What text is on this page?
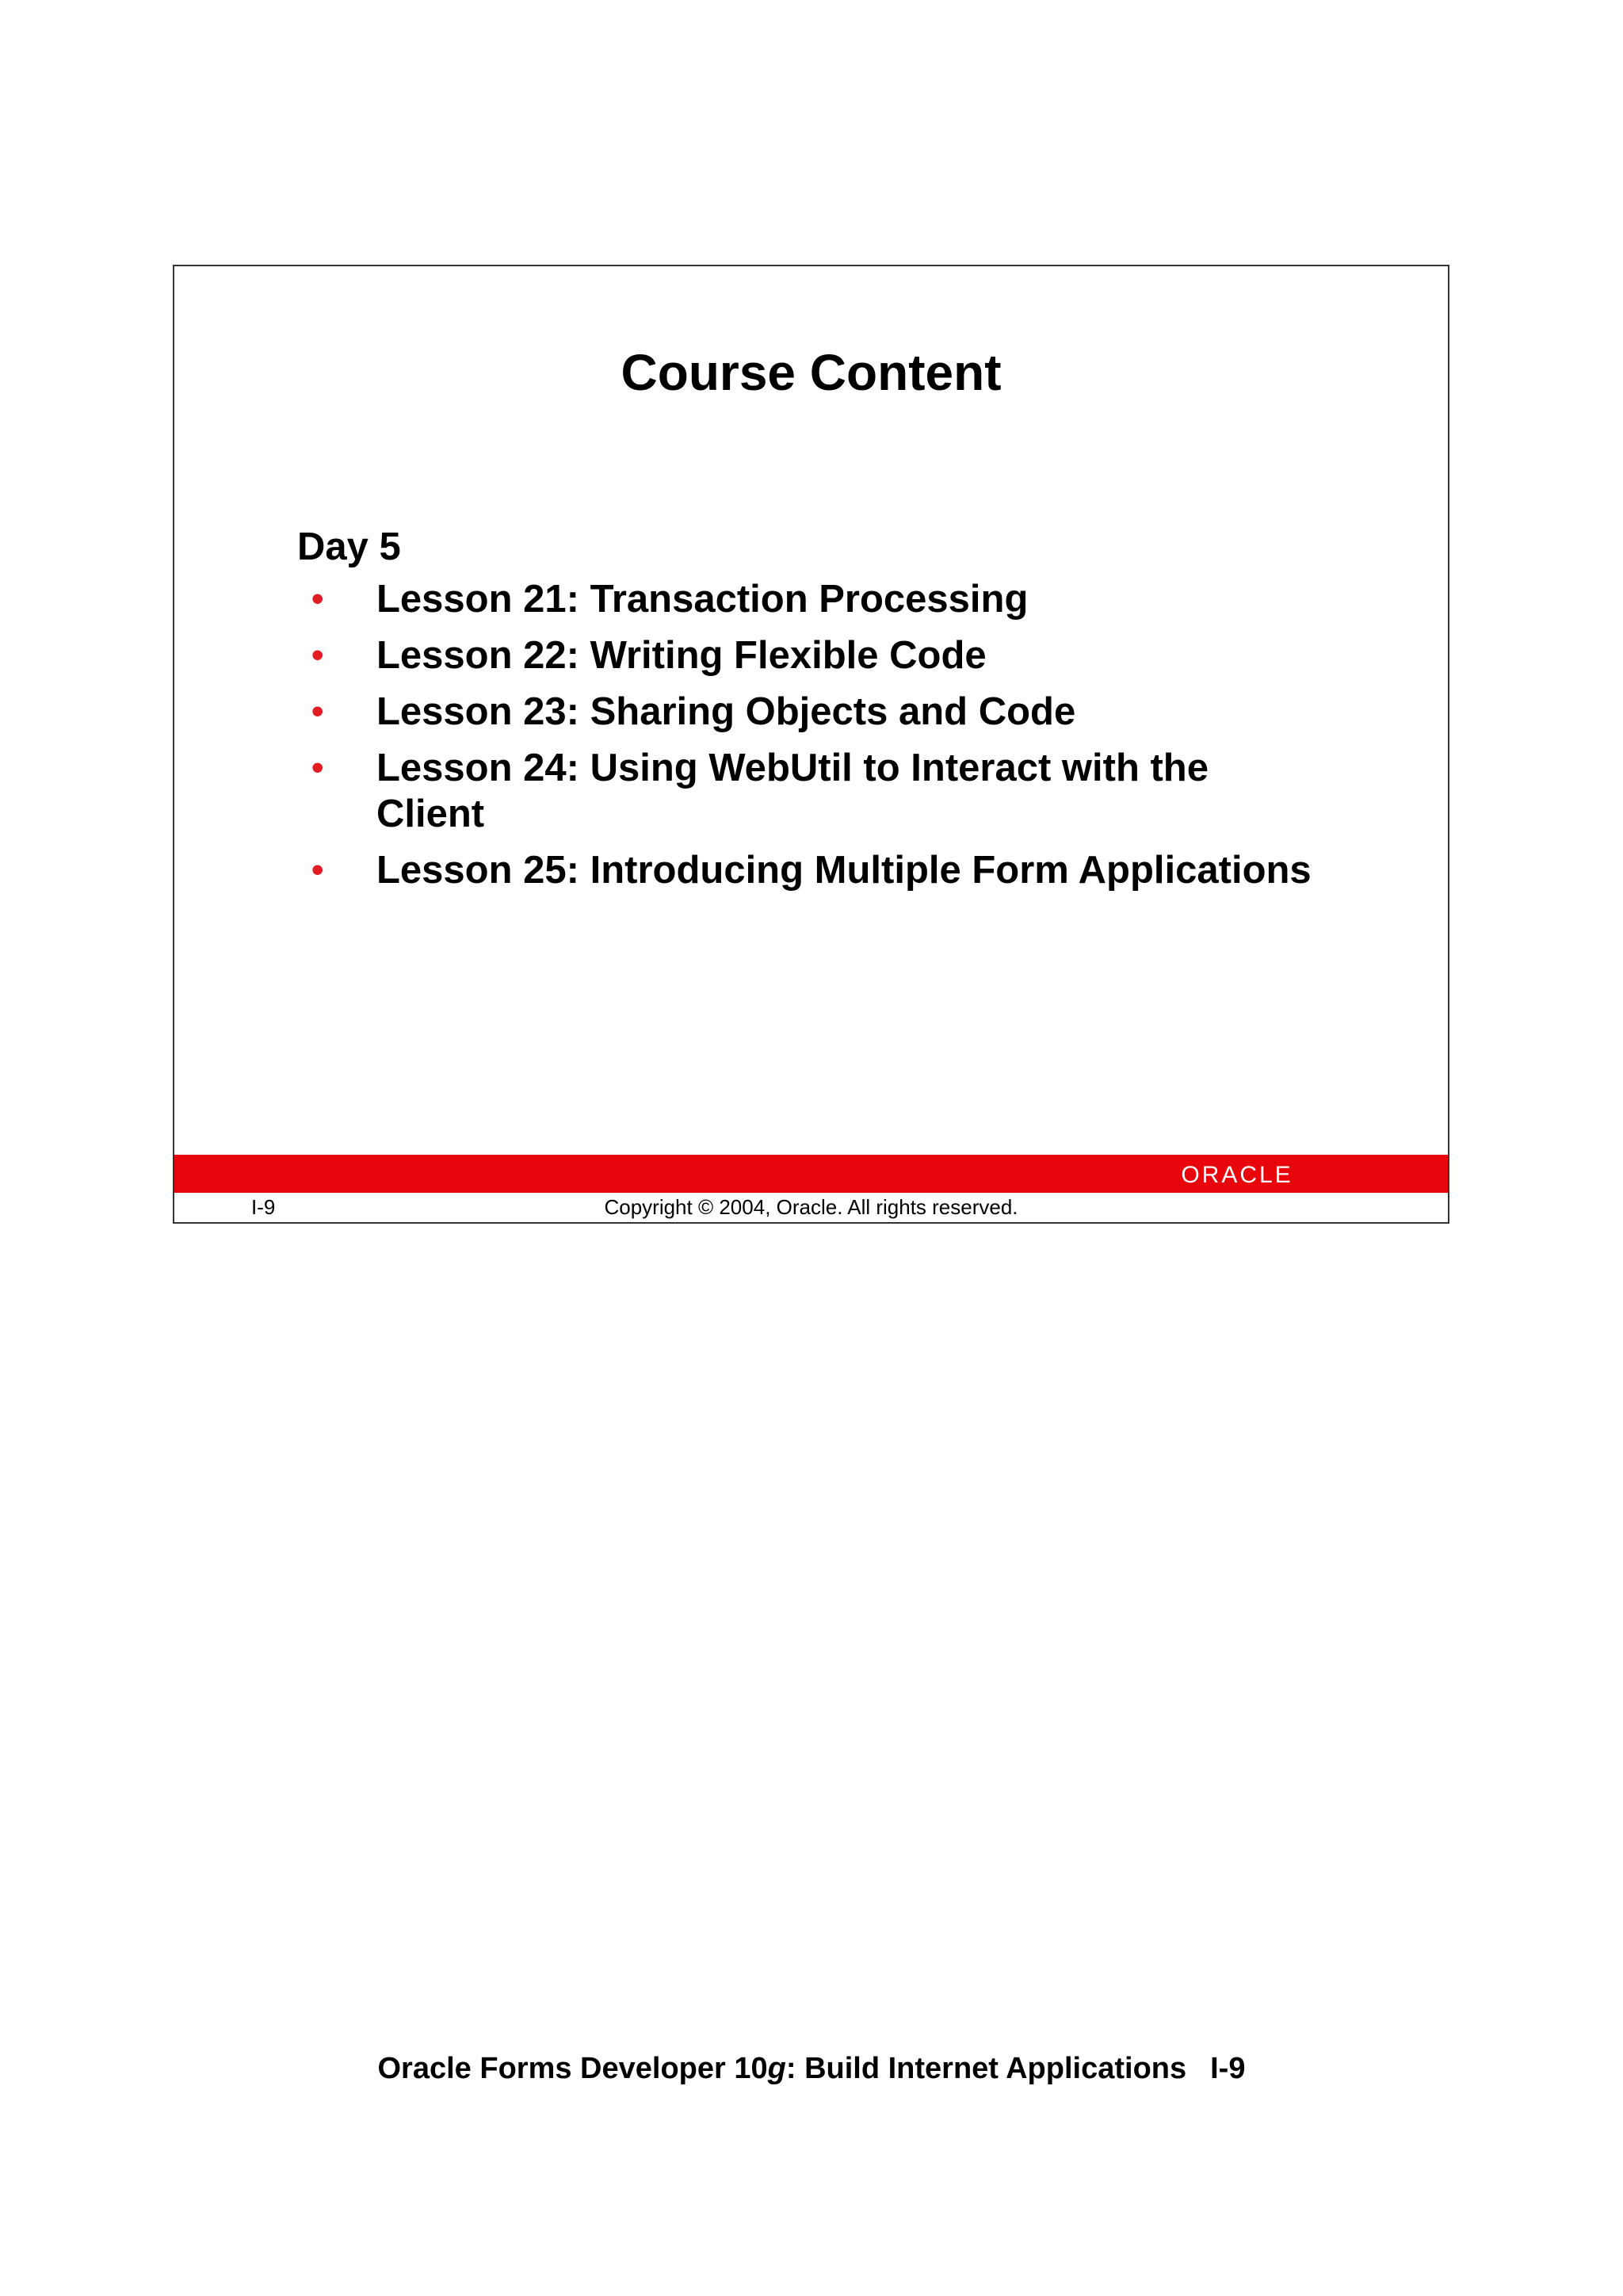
Course Content
Day 5
•	Lesson 21: Transaction Processing
•	Lesson 22: Writing Flexible Code
•	Lesson 23: Sharing Objects and Code
•	Lesson 24: Using WebUtil to Interact with the Client
•	Lesson 25: Introducing Multiple Form Applications
ORACLE
Copyright © 2004, Oracle. All rights reserved.
I-9
Oracle Forms Developer 10g: Build Internet Applications I-9
